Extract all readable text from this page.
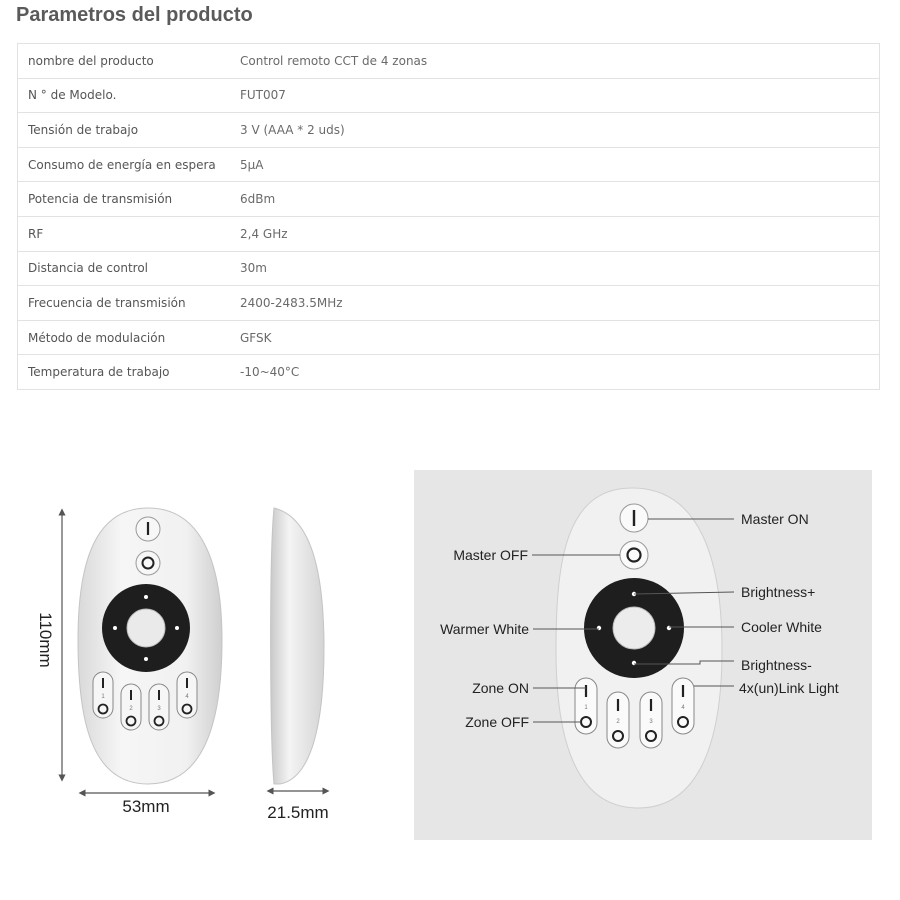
Parametros del producto
nombre del producto	Control remoto CCT de 4 zonas
N ° de Modelo.	FUT007
Tensión de trabajo	3 V (AAA * 2 uds)
Consumo de energía en espera	5μA
Potencia de transmisión	6dBm
RF	2,4 GHz
Distancia de control	30m
Frecuencia de transmisión	2400-2483.5MHz
Método de modulación	GFSK
Temperatura de trabajo	-10~40°C
1
2	3
4
110mm
53mm	21.5mm
1
2	3
4
Master ON
Master OFF
Brightness+
Warmer White	Cooler White
Brightness-
4x(un)Link Light
Zone ON
Zone OFF
